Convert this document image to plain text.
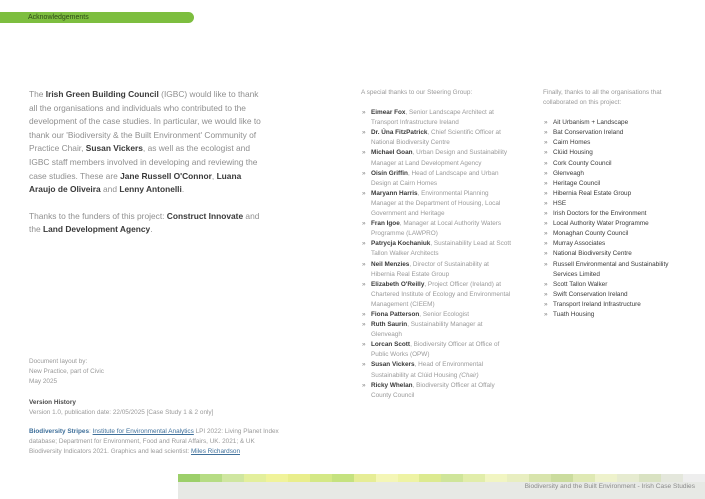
Acknowledgements

The Irish Green Building Council (IGBC) would like to thank all the organisations and individuals who contributed to the development of the case studies. In particular, we would like to thank our 'Biodiversity & the Built Environment' Community of Practice Chair, Susan Vickers, as well as the ecologist and IGBC staff members involved in developing and reviewing the case studies. These are Jane Russell O'Connor, Luana Araujo de Oliveira and Lenny Antonelli.

Thanks to the funders of this project: Construct Innovate and the Land Development Agency.

Document layout by:
New Practice, part of Civic
May 2025
Version History
Version 1.0, publication date: 22/05/2025 [Case Study 1 & 2 only]
Biodiversity Stripes: Institute for Environmental Analytics LPI 2022: Living Planet Index database; Department for Environment, Food and Rural Affairs, UK. 2021; & UK Biodiversity Indicators 2021. Graphics and lead scientist: Miles Richardson
A special thanks to our Steering Group:
» Eimear Fox, Senior Landscape Architect at Transport Infrastructure Ireland
» Dr. Úna FitzPatrick, Chief Scientific Officer at National Biodiversity Centre
» Michael Goan, Urban Design and Sustainability Manager at Land Development Agency
» Oisín Griffin, Head of Landscape and Urban Design at Cairn Homes
» Maryann Harris, Environmental Planning Manager at the Department of Housing, Local Government and Heritage
» Fran Igoe, Manager at Local Authority Waters Programme (LAWPRO)
» Patrycja Kochaniuk, Sustainability Lead at Scott Tallon Walker Architects
» Neil Menzies, Director of Sustainability at Hibernia Real Estate Group
» Elizabeth O'Reilly, Project Officer (Ireland) at Chartered Institute of Ecology and Environmental Management (CIEEM)
» Fiona Patterson, Senior Ecologist
» Ruth Saurin, Sustainability Manager at Glenveagh
» Lorcan Scott, Biodiversity Officer at Office of Public Works (OPW)
» Susan Vickers, Head of Environmental Sustainability at Clúid Housing (Chair)
» Ricky Whelan, Biodiversity Officer at Offaly County Council
Finally, thanks to all the organisations that collaborated on this project:
» Ait Urbanism + Landscape
» Bat Conservation Ireland
» Cairn Homes
» Clúid Housing
» Cork County Council
» Glenveagh
» Heritage Council
» Hibernia Real Estate Group
» HSE
» Irish Doctors for the Environment
» Local Authority Water Programme
» Monaghan County Council
» Murray Associates
» National Biodiversity Centre
» Russell Environmental and Sustainability Services Limited
» Scott Tallon Walker
» Swift Conservation Ireland
» Transport Ireland Infrastructure
» Tuath Housing
Biodiversity and the Built Environment - Irish Case Studies
